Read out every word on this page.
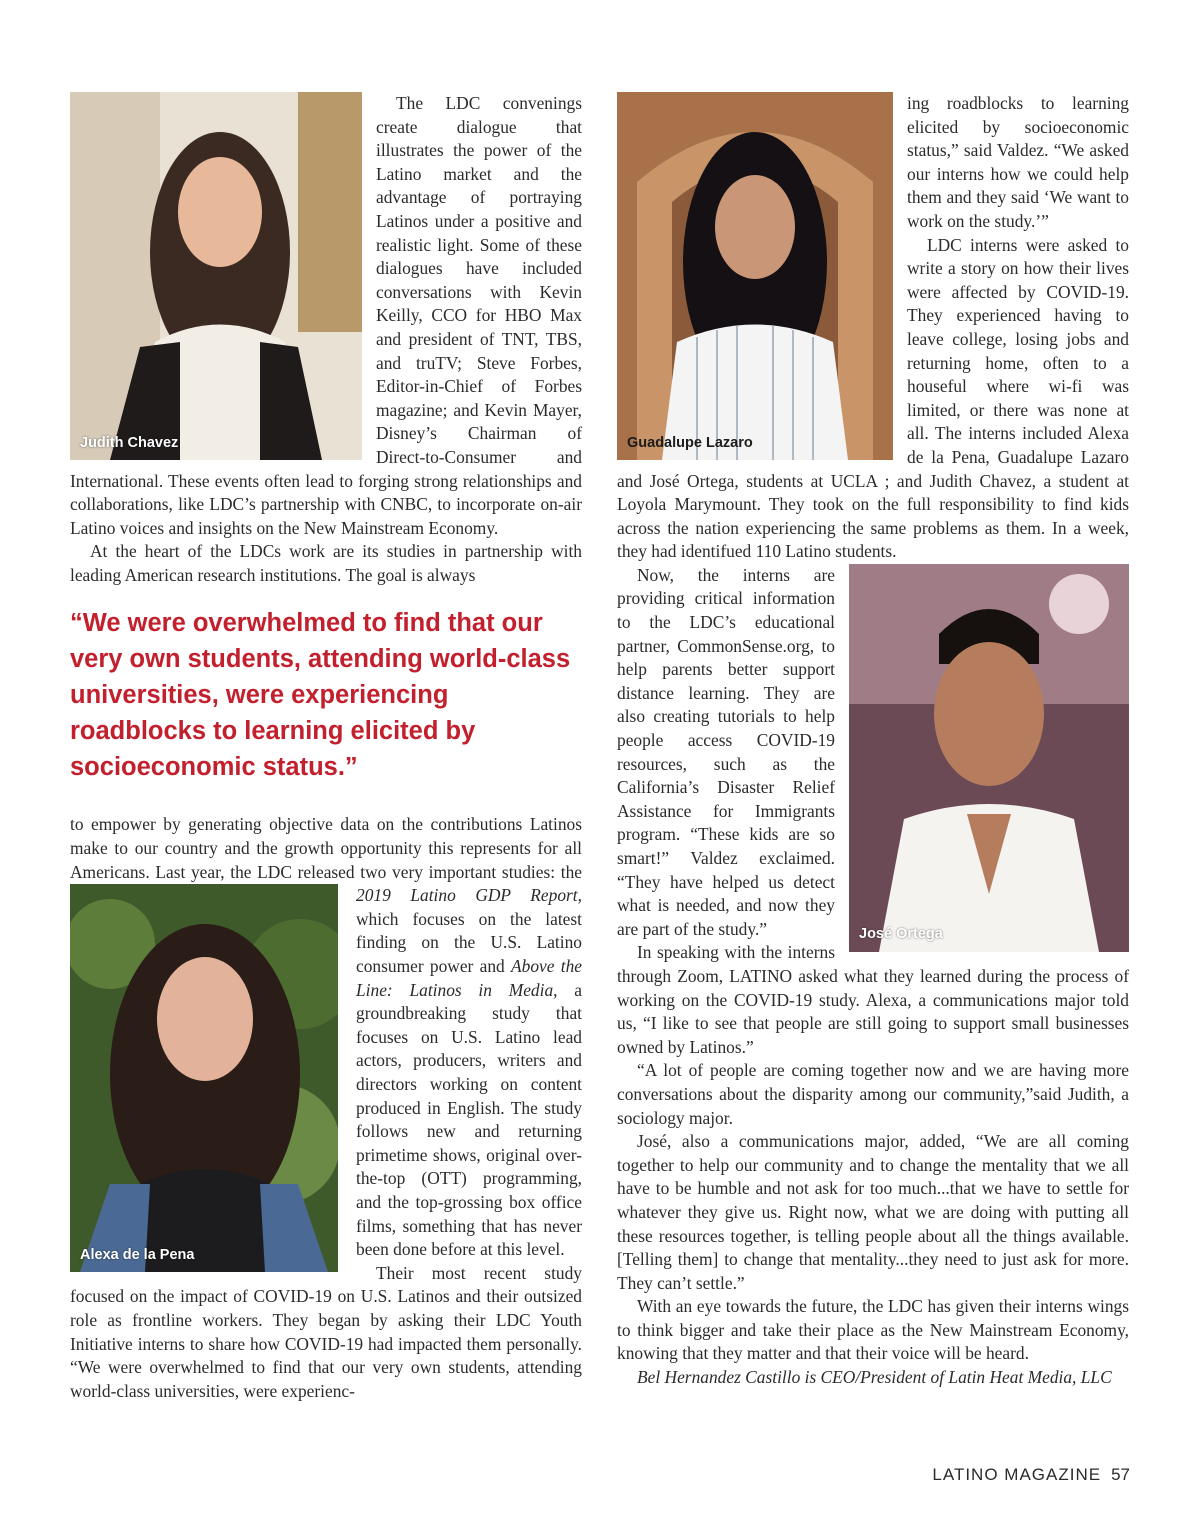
The LDC convenings create dialogue that illustrates the power of the Latino market and the advantage of portraying Latinos under a positive and realistic light. Some of these dialogues have included conversations with Kevin Keilly, CCO for HBO Max and president of TNT, TBS, and truTV; Steve Forbes, Editor-in-Chief of Forbes magazine; and Kevin Mayer, Disney’s Chairman of Direct-to-Consumer and International. These events often lead to forging strong relationships and collaborations, like LDC’s partnership with CNBC, to incorporate on-air Latino voices and insights on the New Mainstream Economy.

At the heart of the LDCs work are its studies in partnership with leading American research institutions. The goal is always

“We were overwhelmed to find that our very own students, attending world-class universities, were experiencing roadblocks to learning elicited by socioeconomic status.”

to empower by generating objective data on the contributions Latinos make to our country and the growth opportunity this represents for all Americans. Last year, the LDC released two very important studies: the 2019 Latino GDP Report
, which focuses on the latest finding on the U.S. Latino consumer power and Above the Line: Latinos in Media, a groundbreaking study that focuses on U.S. Latino lead actors, producers, writers and directors working on content produced in English. The study follows new and returning primetime shows, original over-the-top (OTT) programming, and the top-grossing box office films, something that has never been done before at this level.

Their most recent study focused on the impact of COVID-19 on U.S. Latinos and their outsized role as frontline workers. They began by asking their LDC Youth Initiative interns to share how COVID-19 had impacted them personally. “We were overwhelmed to find that our very own students, attending world-class universities, were experienc-

ing roadblocks to learning elicited by socioeconomic status,” said Valdez. “We asked our interns how we could help them and they said ‘We want to work on the study.’”

LDC interns were asked to write a story on how their lives were affected by COVID-19. They experienced having to leave college, losing jobs and returning home, often to a houseful where wi-fi was limited, or there was none at all. The interns included Alexa de la Pena, Guadalupe Lazaro and José Ortega, students at UCLA ; and Judith Chavez, a student at Loyola Marymount. They took on the full responsibility to find kids across the nation experiencing the same problems as them. In a week, they had identifued 110 Latino students.

Now, the interns are providing critical information to the LDC’s educational partner, CommonSense.org, to help parents better support distance learning. They are also creating tutorials to help people access COVID-19 resources, such as the California’s Disaster Relief Assistance for Immigrants program. “These kids are so smart!” Valdez exclaimed. “They have helped us detect what is needed, and now they are part of the study.”

In speaking with the interns through Zoom, LATINO asked what they learned during the process of working on the COVID-19 study. Alexa, a communications major told us, “I like to see that people are still going to support small businesses owned by Latinos.”

“A lot of people are coming together now and we are having more conversations about the disparity among our community,”said Judith, a sociology major.

José, also a communications major, added, “We are all coming together to help our community and to change the mentality that we all have to be humble and not ask for too much...that we have to settle for whatever they give us. Right now, what we are doing with putting all these resources together, is telling people about all the things available. [Telling them] to change that mentality...they need to just ask for more. They can’t settle.”

With an eye towards the future, the LDC has given their interns wings to think bigger and take their place as the New Mainstream Economy, knowing that they matter and that their voice will be heard.

Bel Hernandez Castillo is CEO/President of Latin Heat Media, LLC

Judith Chavez
Alexa de la Pena
Guadalupe Lazaro
José Ortega
LATINO MAGAZINE 57
